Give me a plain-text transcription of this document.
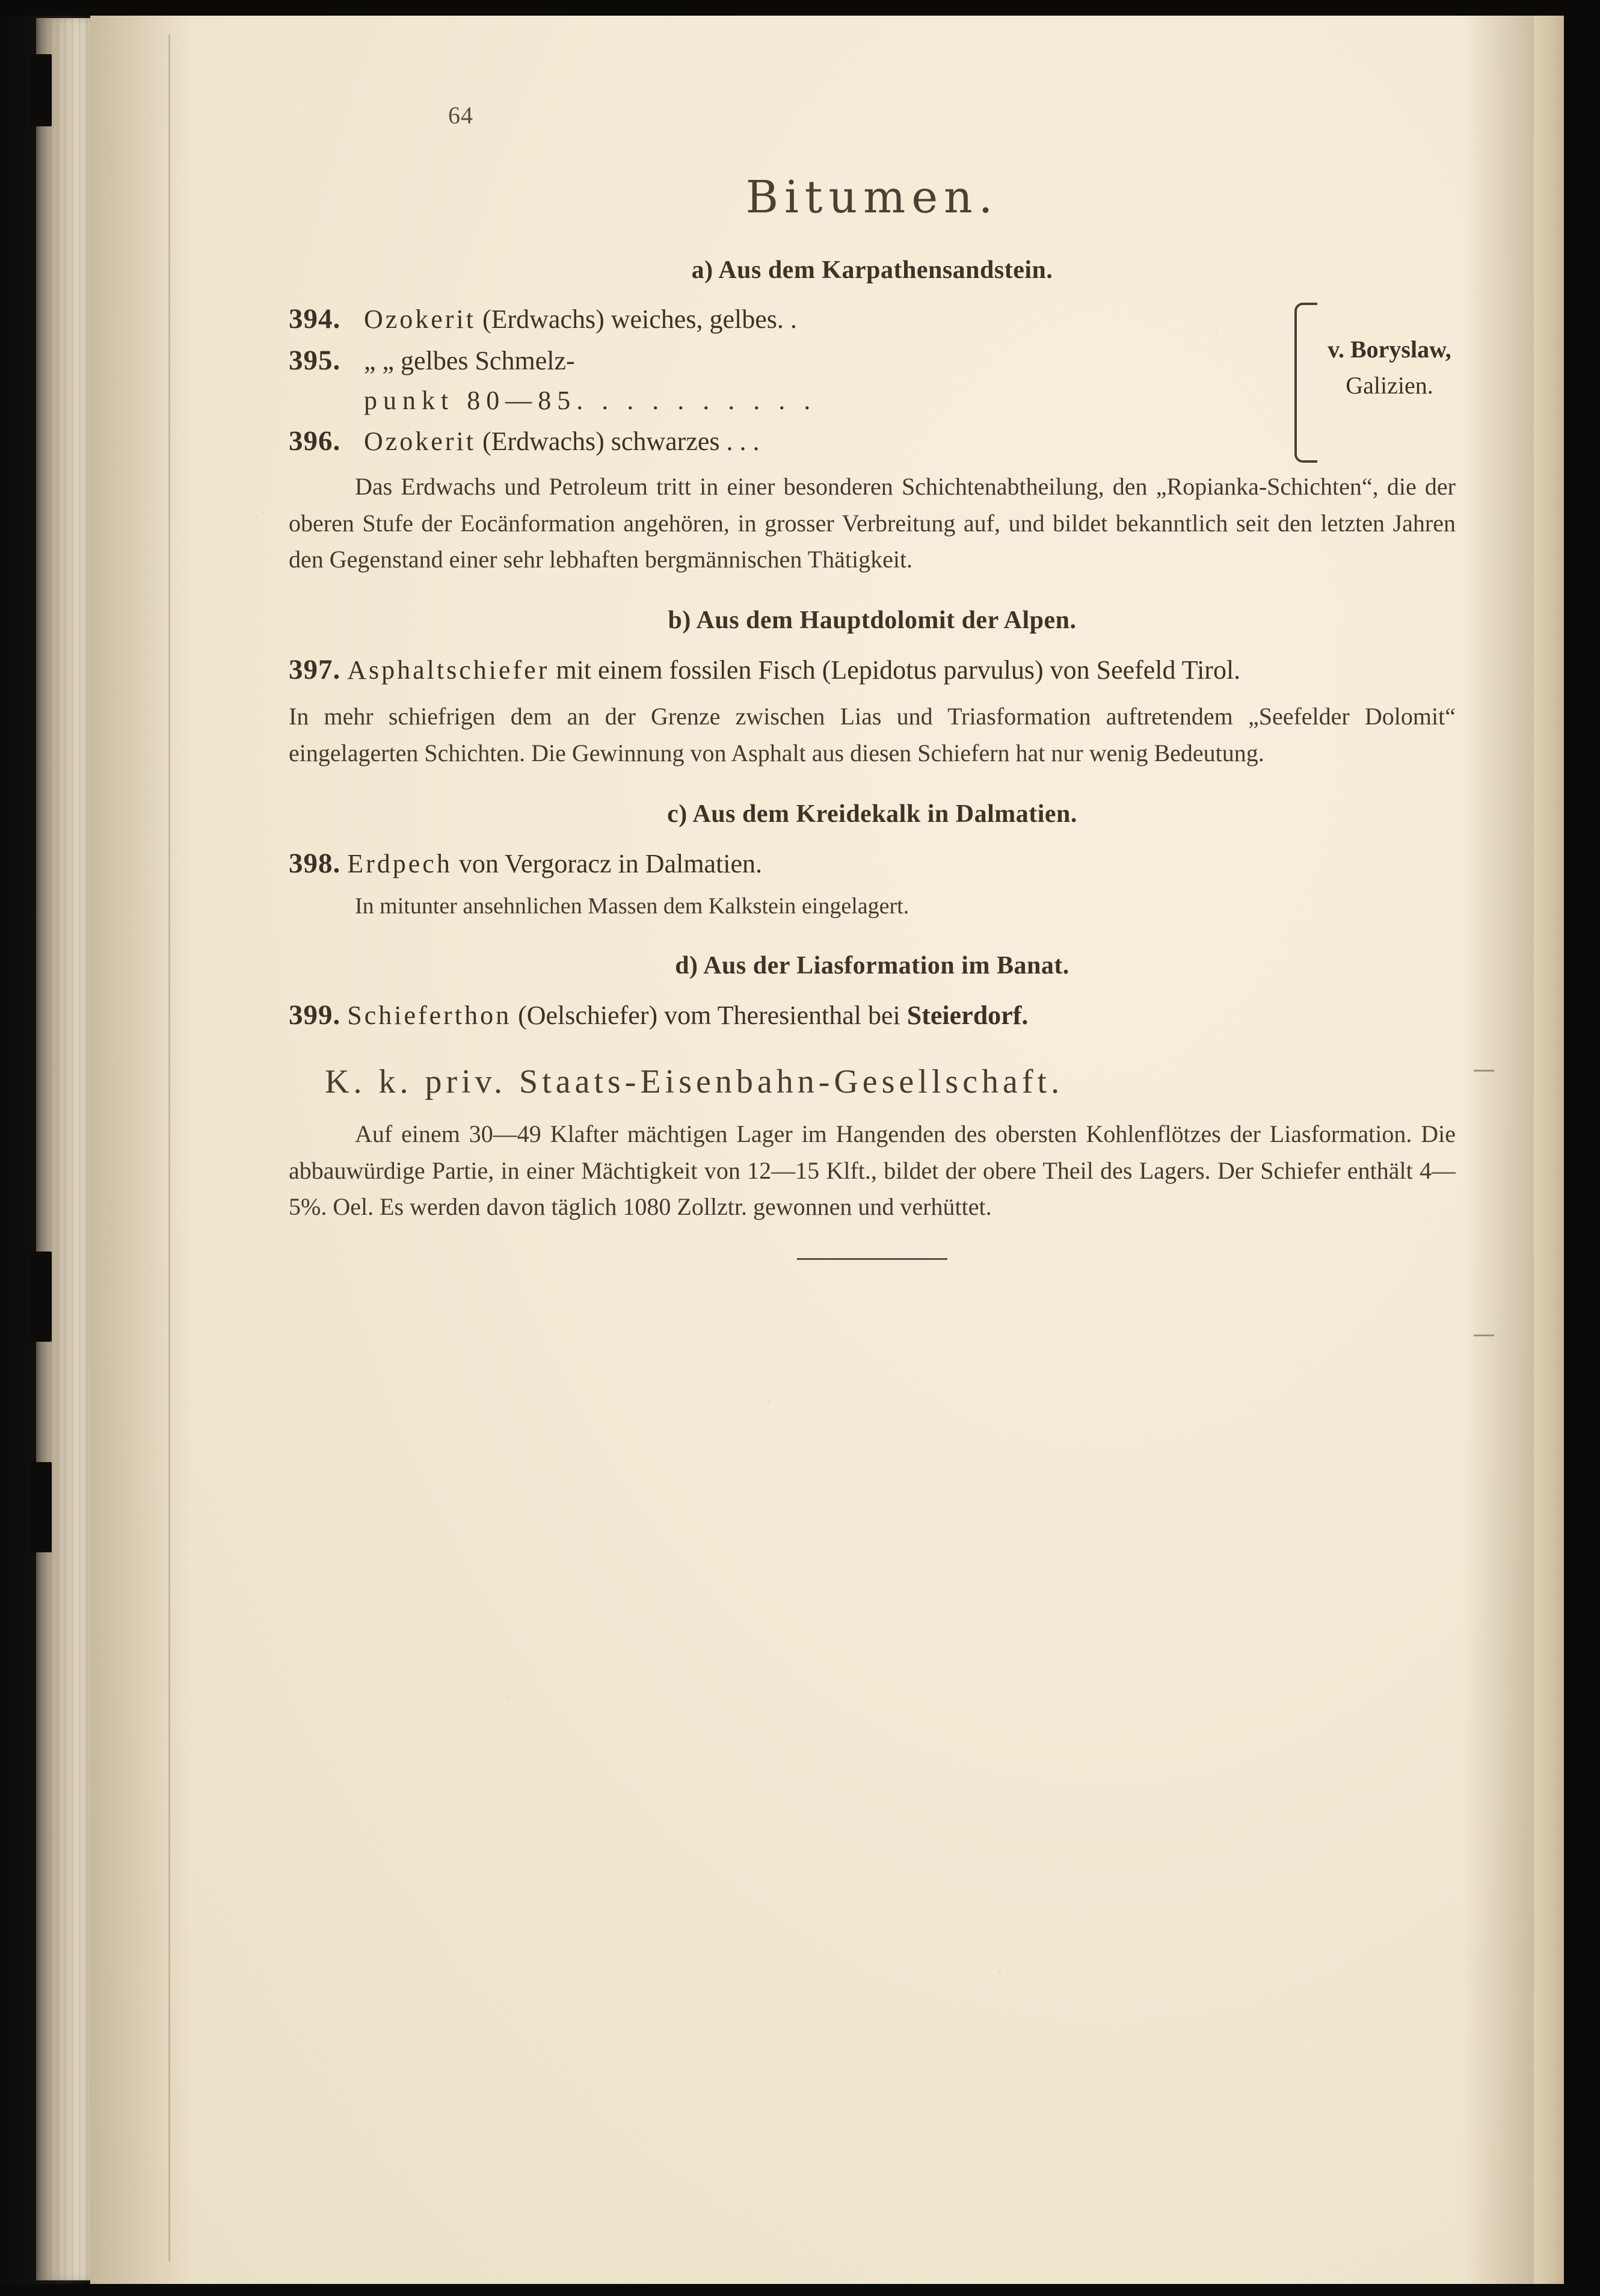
64
Bitumen.
a) Aus dem Karpathensandstein.
394. Ozokerit (Erdwachs) weiches, gelbes. .
395. „ „ gelbes Schmelz-
punkt 80—85. . . . . . . . . .
396. Ozokerit (Erdwachs) schwarzes . . .
v. Boryslaw,
Galizien.

Das Erdwachs und Petroleum tritt in einer besonderen Schichtenabtheilung, den „Ropianka-Schichten“, die der oberen Stufe der Eocänformation angehören, in grosser Verbreitung auf, und bildet bekanntlich seit den letzten Jahren den Gegenstand einer sehr lebhaften bergmännischen Thätigkeit.

b) Aus dem Hauptdolomit der Alpen.
397. Asphaltschiefer mit einem fossilen Fisch (Lepidotus parvulus) von Seefeld Tirol.

In mehr schiefrigen dem an der Grenze zwischen Lias und Triasformation auftretendem „Seefelder Dolomit“ eingelagerten Schichten. Die Gewinnung von Asphalt aus diesen Schiefern hat nur wenig Bedeutung.

c) Aus dem Kreidekalk in Dalmatien.
398. Erdpech von Vergoracz in Dalmatien.

In mitunter ansehnlichen Massen dem Kalkstein eingelagert.

d) Aus der Liasformation im Banat.
399. Schieferthon (Oelschiefer) vom Theresienthal bei Steierdorf.
K. k. priv. Staats-Eisenbahn-Gesellschaft.

Auf einem 30—49 Klafter mächtigen Lager im Hangenden des obersten Kohlenflötzes der Liasformation. Die abbauwürdige Partie, in einer Mächtigkeit von 12—15 Klft., bildet der obere Theil des Lagers. Der Schiefer enthält 4—5%. Oel. Es werden davon täglich 1080 Zollztr. gewonnen und verhüttet.
